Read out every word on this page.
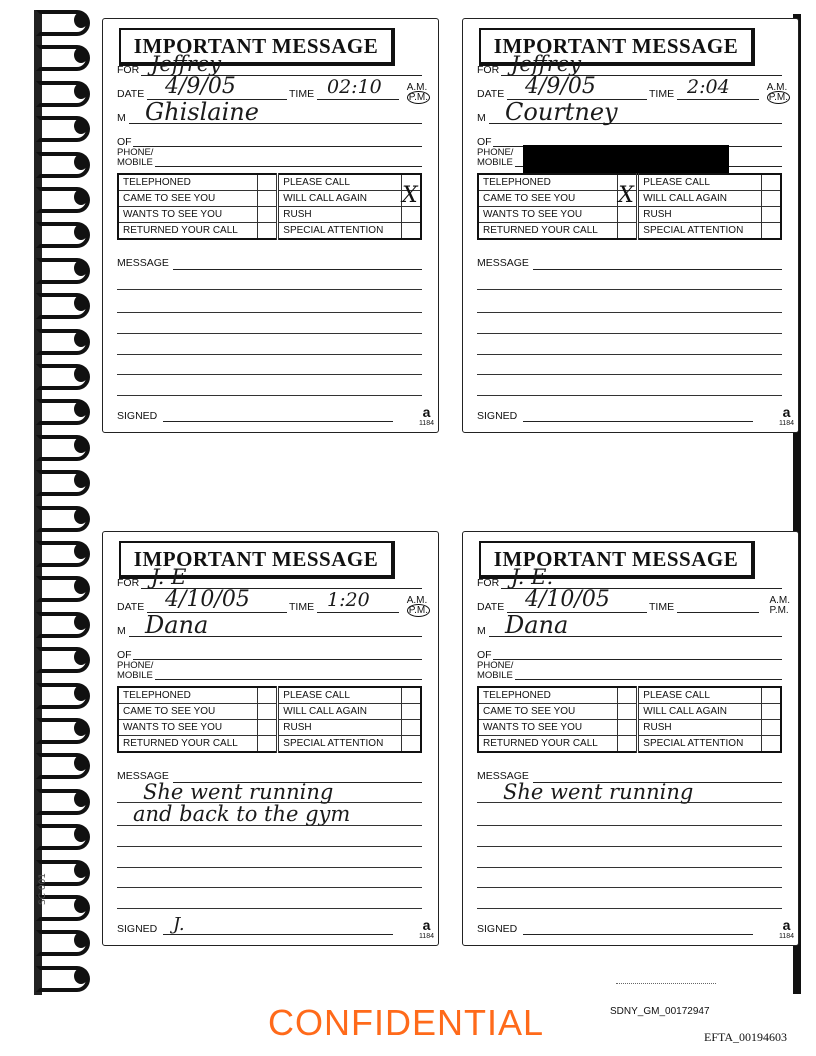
SC 001
IMPORTANT MESSAGE
FOR Jeffrey
DATE 4/9/05	TIME 02:10 A.M.
P.M.
M Ghislaine
OF
PHONE/
MOBILE
TELEPHONED		PLEASE CALL	X

CAME TO SEE YOU		WILL CALL AGAIN	
WANTS TO SEE YOU		RUSH	
RETURNED YOUR CALL		SPECIAL ATTENTION	
MESSAGE
SIGNED	a
1184
IMPORTANT MESSAGE
FOR Jeffrey
DATE 4/9/05	TIME 2:04	A.M.
P.M.
M Courtney
OF
PHONE/
MOBILE
TELEPHONED	X	PLEASE CALL	
CAME TO SEE YOU		WILL CALL AGAIN	
WANTS TO SEE YOU		RUSH	
RETURNED YOUR CALL		SPECIAL ATTENTION	
MESSAGE
SIGNED	a
1184
IMPORTANT MESSAGE
FOR J. E
DATE 4/10/05	TIME 1:20	A.M.
P.M.
M Dana
OF
PHONE/
MOBILE
TELEPHONED		PLEASE CALL	
CAME TO SEE YOU		WILL CALL AGAIN	
WANTS TO SEE YOU		RUSH	
RETURNED YOUR CALL		SPECIAL ATTENTION	
MESSAGE
She went running
and back to the gym
SIGNED J.	a
1184
IMPORTANT MESSAGE
FOR J. E.
DATE 4/10/05	TIME
A.M.
P.M.
M Dana
OF
PHONE/
MOBILE
TELEPHONED		PLEASE CALL	
CAME TO SEE YOU		WILL CALL AGAIN	
WANTS TO SEE YOU		RUSH	
RETURNED YOUR CALL		SPECIAL ATTENTION	
MESSAGE
She went running
SIGNED	a
1184
CONFIDENTIAL	SDNY_GM_00172947
EFTA_00194603
